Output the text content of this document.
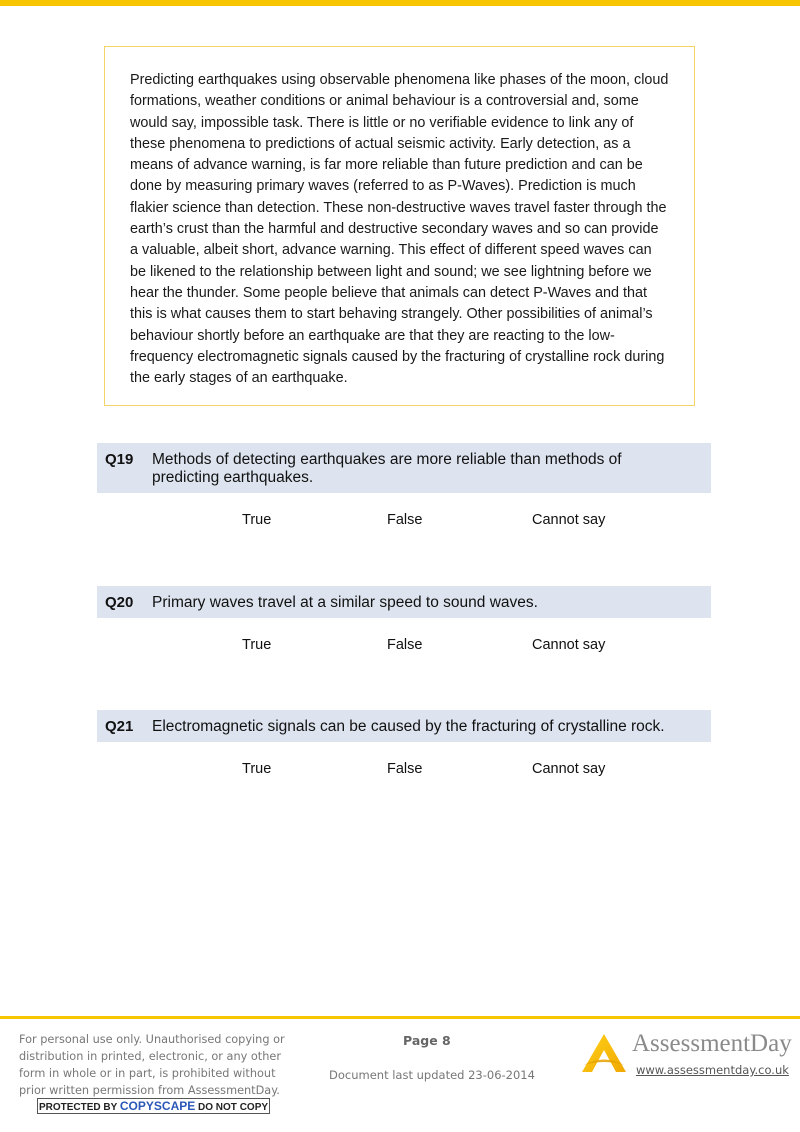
Predicting earthquakes using observable phenomena like phases of the moon, cloud formations, weather conditions or animal behaviour is a controversial and, some would say, impossible task. There is little or no verifiable evidence to link any of these phenomena to predictions of actual seismic activity. Early detection, as a means of advance warning, is far more reliable than future prediction and can be done by measuring primary waves (referred to as P-Waves). Prediction is much flakier science than detection. These non-destructive waves travel faster through the earth’s crust than the harmful and destructive secondary waves and so can provide a valuable, albeit short, advance warning. This effect of different speed waves can be likened to the relationship between light and sound; we see lightning before we hear the thunder. Some people believe that animals can detect P-Waves and that this is what causes them to start behaving strangely. Other possibilities of animal’s behaviour shortly before an earthquake are that they are reacting to the low-frequency electromagnetic signals caused by the fracturing of crystalline rock during the early stages of an earthquake.
Q19	Methods of detecting earthquakes are more reliable than methods of predicting earthquakes.
True	False	Cannot say
Q20	Primary waves travel at a similar speed to sound waves.
True	False	Cannot say
Q21	Electromagnetic signals can be caused by the fracturing of crystalline rock.
True	False	Cannot say
For personal use only. Unauthorised copying or distribution in printed, electronic, or any other form in whole or in part, is prohibited without prior written permission from AssessmentDay.
PROTECTED BY COPYSCAPE DO NOT COPY
Page 8
Document last updated 23-06-2014
AssessmentDay
www.assessmentday.co.uk
